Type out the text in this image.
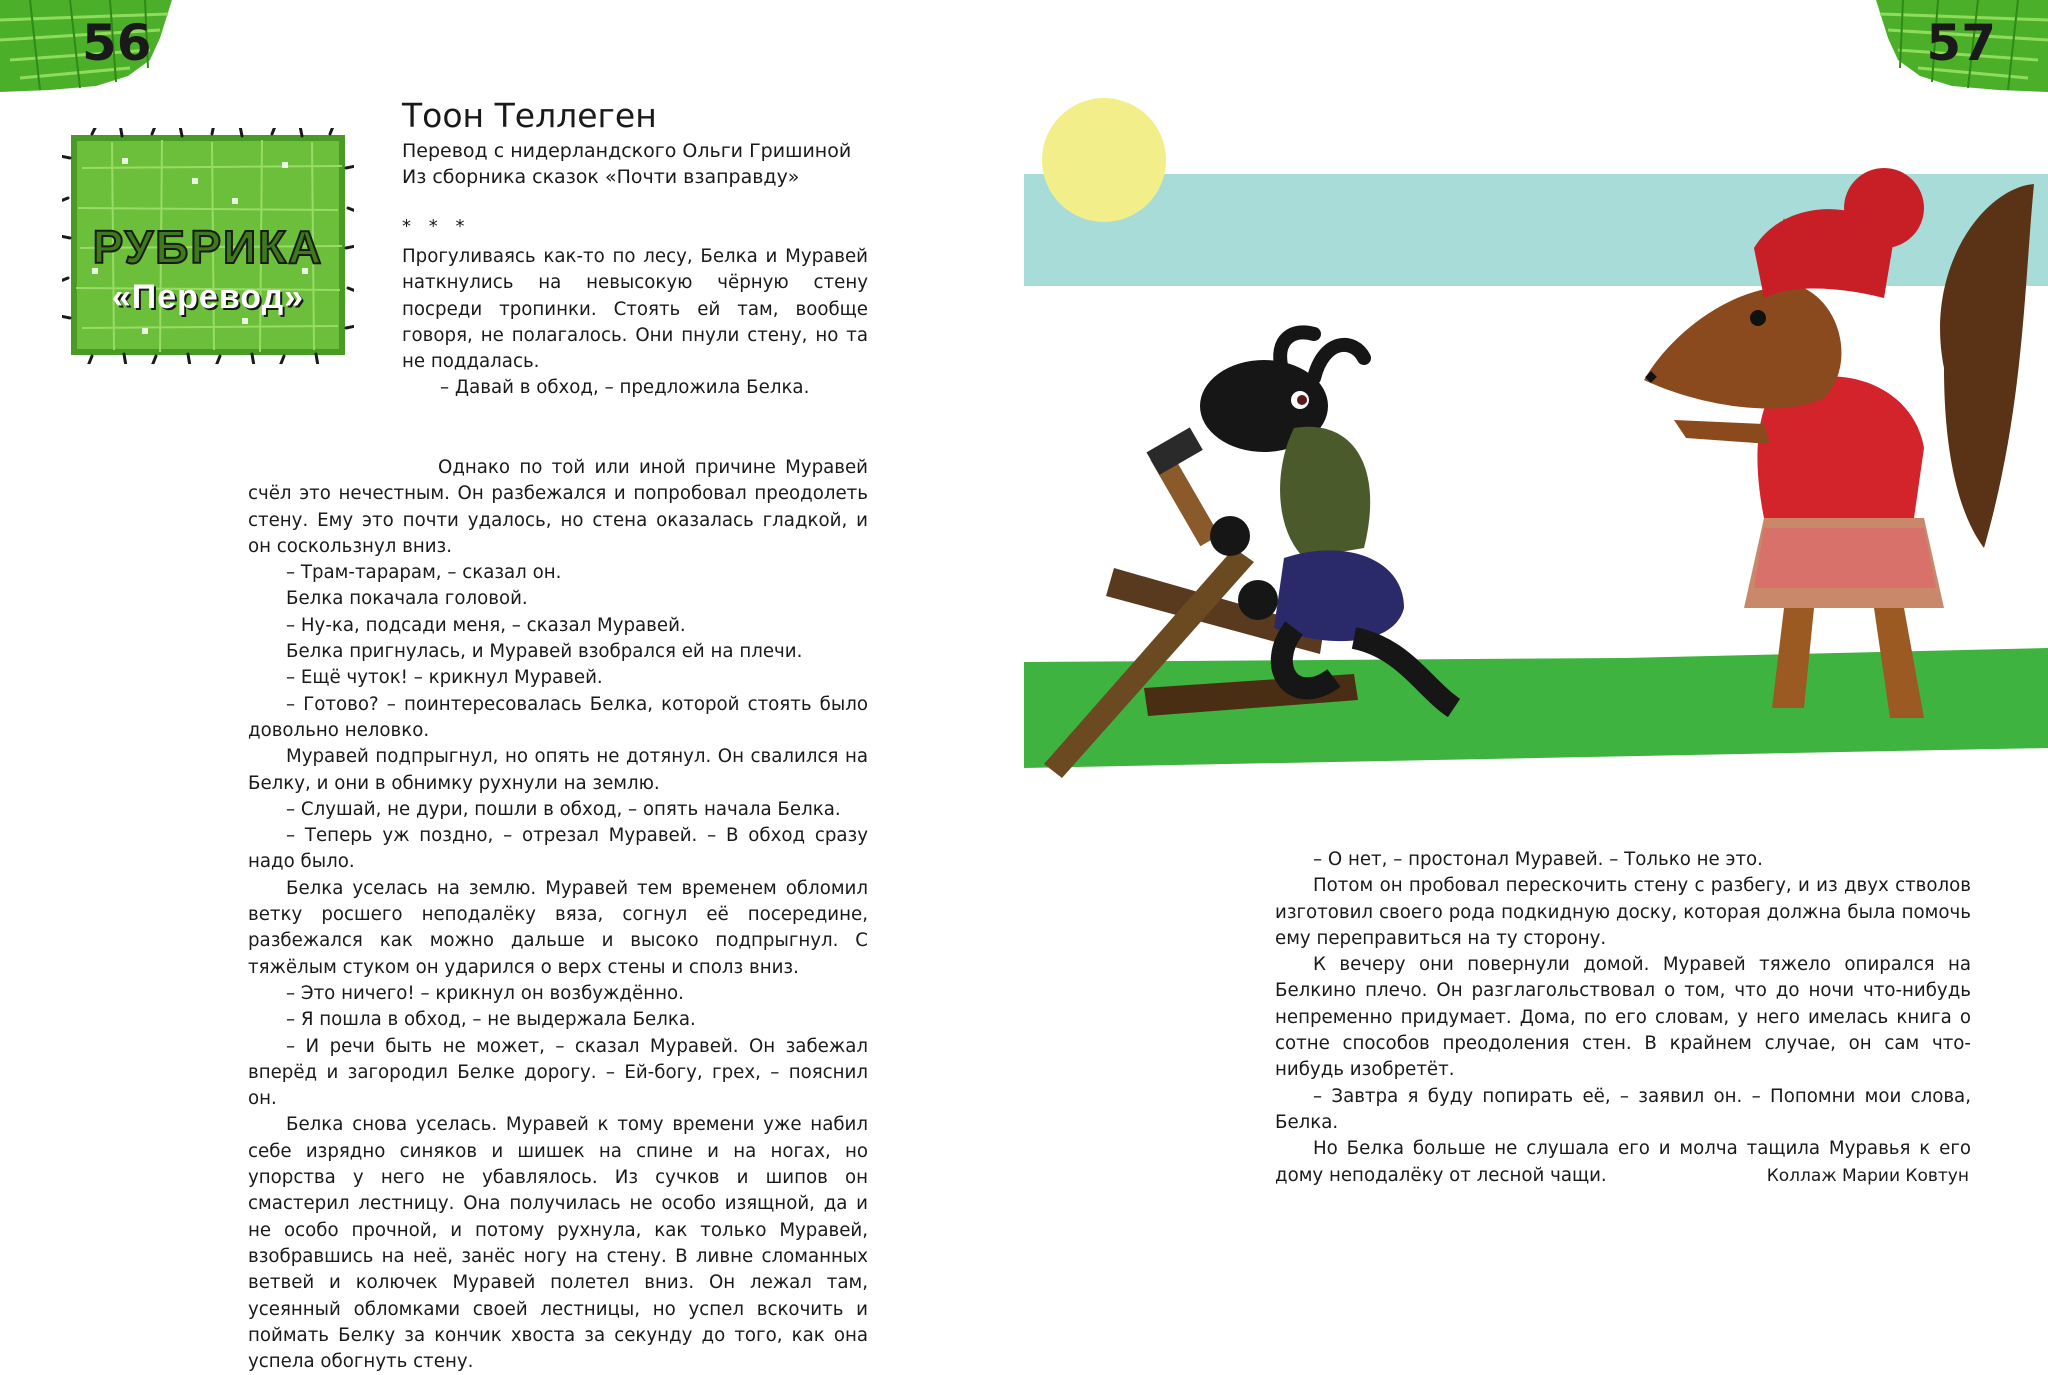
56	57
РУБРИКА
«Перевод»
Тоон Теллеген
Перевод с нидерландского Ольги Гришиной
Из сборника сказок «Почти взаправду»
* * *

Прогуливаясь как-то по лесу, Белка и Муравей наткнулись на невысокую чёрную стену посреди тропинки. Стоять ей там, вообще говоря, не полагалось. Они пнули стену, но та не поддалась.

– Давай в обход, – предложила Белка.

Однако по той или иной причине Муравей счёл это нечестным. Он разбежался и попробовал преодолеть стену. Ему это почти удалось, но стена оказалась гладкой, и он соскользнул вниз.

– Трам-тарарам, – сказал он.

Белка покачала головой.

– Ну-ка, подсади меня, – сказал Муравей.

Белка пригнулась, и Муравей взобрался ей на плечи.

– Ещё чуток! – крикнул Муравей.

– Готово? – поинтересовалась Белка, которой стоять было довольно неловко.

Муравей подпрыгнул, но опять не дотянул. Он свалился на Белку, и они в обнимку рухнули на землю.

– Слушай, не дури, пошли в обход, – опять начала Белка.

– Теперь уж поздно, – отрезал Муравей. – В обход сразу надо было.

Белка уселась на землю. Муравей тем временем обломил ветку росшего неподалёку вяза, согнул её посередине, разбежался как можно дальше и высоко подпрыгнул. С тяжёлым стуком он ударился о верх стены и сполз вниз.

– Это ничего! – крикнул он возбуждённо.

– Я пошла в обход, – не выдержала Белка.

– И речи быть не может, – сказал Муравей. Он забежал вперёд и загородил Белке дорогу. – Ей-богу, грех, – пояснил он.

Белка снова уселась. Муравей к тому времени уже набил себе изрядно синяков и шишек на спине и на ногах, но упорства у него не убавлялось. Из сучков и шипов он смастерил лестницу. Она получилась не особо изящной, да и не особо прочной, и потому рухнула, как только Муравей, взобравшись на неё, занёс ногу на стену. В ливне сломанных ветвей и колючек Муравей полетел вниз. Он лежал там, усеянный обломками своей лестницы, но успел вскочить и поймать Белку за кончик хвоста за секунду до того, как она успела обогнуть стену.

– О нет, – простонал Муравей. – Только не это.

Потом он пробовал перескочить стену с разбегу, и из двух стволов изготовил своего рода подкидную доску, которая должна была помочь ему переправиться на ту сторону.

К вечеру они повернули домой. Муравей тяжело опирался на Белкино плечо. Он разглагольствовал о том, что до ночи что-нибудь непременно придумает. Дома, по его словам, у него имелась книга о сотне способов преодоления стен. В крайнем случае, он сам что-нибудь изобретёт.

– Завтра я буду попирать её, – заявил он. – Попомни мои слова, Белка.

Но Белка больше не слушала его и молча тащила Муравья к его дому неподалёку от лесной чащи.	Коллаж Марии Ковтун
